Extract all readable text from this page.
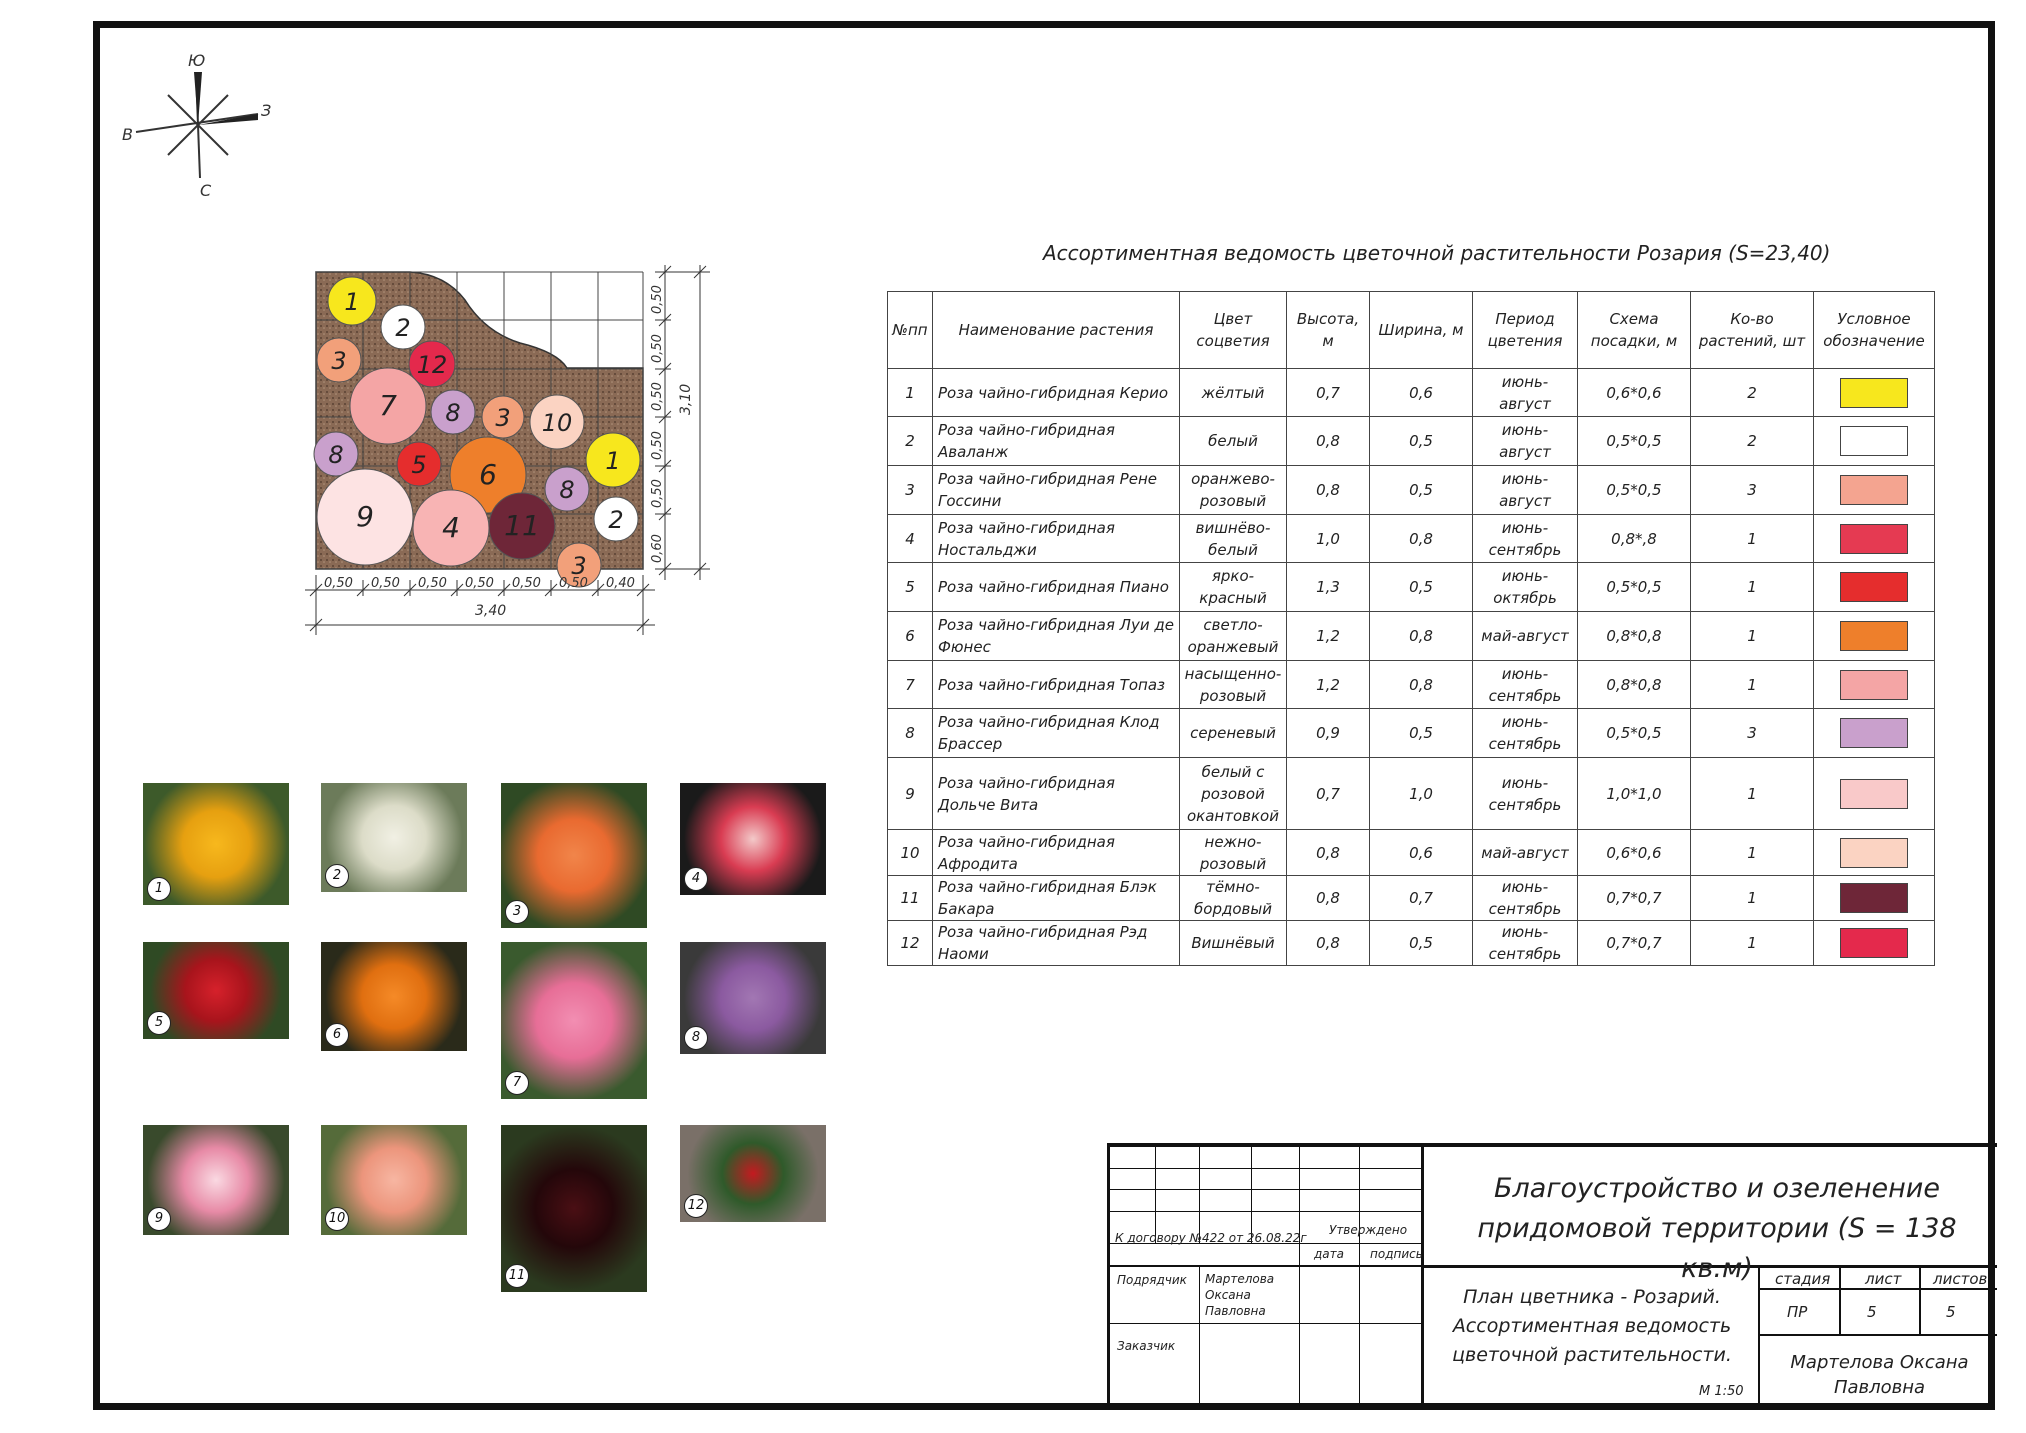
Ю
С
З
В
1
2
3	12
7 8 3 10
8	5 6	1
9 4 11
8
2
3
0,50 0,50 0,50 0,50 0,50 0,50 0,40
0,50
0,50
0,50
0,50
0,50
0,60
3,40
3,10
Ассортиментная ведомость цветочной растительности Розария (S=23,40)
№пп	Наименование растения	Цвет соцветия	Высота, м	Ширина, м	Период цветения	Схема посадки, м	Ко-во растений, шт	Условное обозначение
1	Роза чайно-гибридная Керио	жёлтый	0,7	0,6	июнь-август	0,6*0,6	2	
2	Роза чайно-гибридная Аваланж	белый	0,8	0,5	июнь-август	0,5*0,5	2	
3	Роза чайно-гибридная Рене Госсини	оранжево-розовый	0,8	0,5	июнь-август	0,5*0,5	3	
4	Роза чайно-гибридная Ностальджи	вишнёво-белый	1,0	0,8	июнь-сентябрь	0,8*,8	1	
5	Роза чайно-гибридная Пиано	ярко-красный	1,3	0,5	июнь-октябрь	0,5*0,5	1	
6	Роза чайно-гибридная Луи де Фюнес	светло-оранжевый	1,2	0,8	май-август	0,8*0,8	1	
7	Роза чайно-гибридная Топаз	насыщенно-розовый	1,2	0,8	июнь-сентябрь	0,8*0,8	1	
8	Роза чайно-гибридная Клод Брассер	сереневый	0,9	0,5	июнь-сентябрь	0,5*0,5	3	
9	Роза чайно-гибридная Дольче Вита	белый с розовой окантовкой	0,7	1,0	июнь-сентябрь	1,0*1,0	1	
10	Роза чайно-гибридная Афродита	нежно-розовый	0,8	0,6	май-август	0,6*0,6	1	
11	Роза чайно-гибридная Блэк Бакара	тёмно-бордовый	0,8	0,7	июнь-сентябрь	0,7*0,7	1	
12	Роза чайно-гибридная Рэд Наоми	Вишнёвый	0,8	0,5	июнь-сентябрь	0,7*0,7	1	
1
2
3
4
5
6
7
8
9	10
11
12
К договору №422 от 26.08.22г
Утверждено
дата подпись
Подрядчик Мартелова Оксана Павловна
Заказчик
Благоустройство и озеленение придомовой территории (S = 138 кв.м)
План цветника - Розарий. Ассортиментная ведомость цветочной растительности.
М 1:50
стадия лист листов
ПР	5	5
Мартелова Оксана Павловна
